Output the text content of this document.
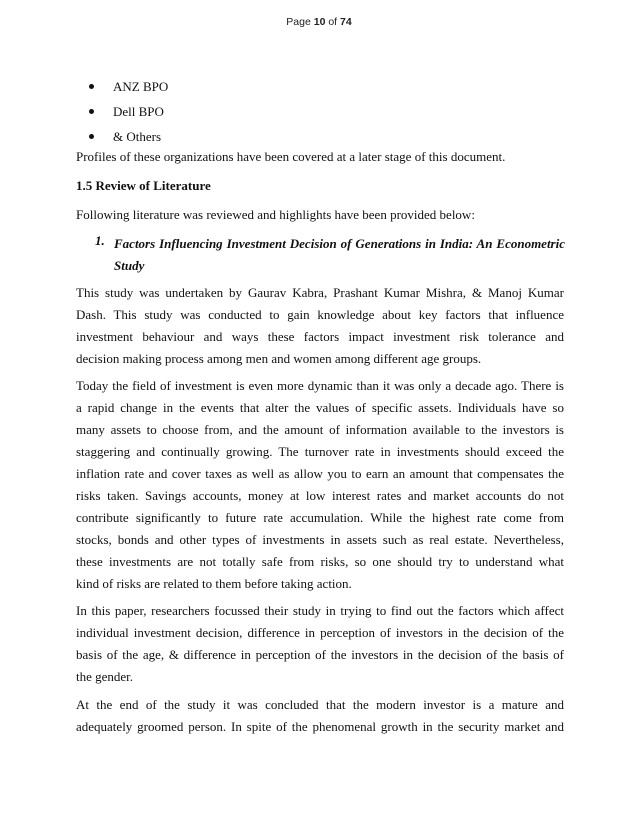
Page 10 of 74
ANZ BPO
Dell BPO
& Others
Profiles of these organizations have been covered at a later stage of this document.
1.5 Review of Literature
Following literature was reviewed and highlights have been provided below:
1. Factors Influencing Investment Decision of Generations in India: An Econometric
Study
This study was undertaken by Gaurav Kabra, Prashant Kumar Mishra, & Manoj Kumar
Dash. This study was conducted to gain knowledge about key factors that influence
investment behaviour and ways these factors impact investment risk tolerance and
decision making process among men and women among different age groups.
Today the field of investment is even more dynamic than it was only a decade ago. There is
a rapid change in the events that alter the values of specific assets. Individuals have so
many assets to choose from, and the amount of information available to the investors is
staggering and continually growing. The turnover rate in investments should exceed the
inflation rate and cover taxes as well as allow you to earn an amount that compensates the
risks taken. Savings accounts, money at low interest rates and market accounts do not
contribute significantly to future rate accumulation. While the highest rate come from
stocks, bonds and other types of investments in assets such as real estate. Nevertheless,
these investments are not totally safe from risks, so one should try to understand what
kind of risks are related to them before taking action.
In this paper, researchers focussed their study in trying to find out the factors which affect
individual investment decision, difference in perception of investors in the decision of the
basis of the age, & difference in perception of the investors in the decision of the basis of
the gender.
At the end of the study it was concluded that the modern investor is a mature and
adequately groomed person. In spite of the phenomenal growth in the security market and
